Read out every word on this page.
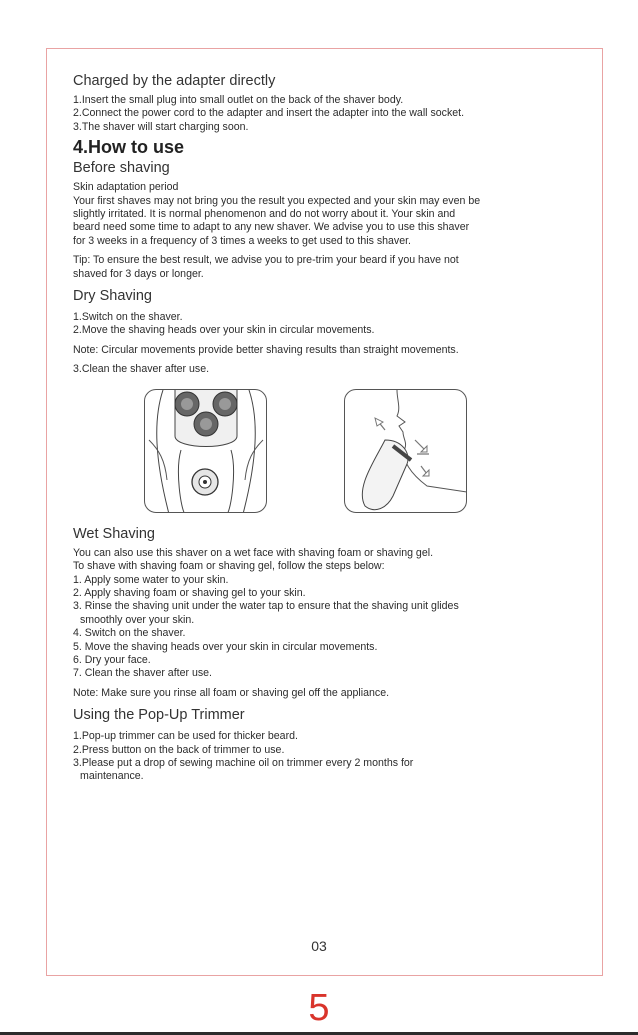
Charged by the adapter directly
1.Insert the small plug into small outlet on the back of the shaver body.
2.Connect the power cord to the adapter and insert the adapter into the wall socket.
3.The shaver will start charging soon.
4.How to use
Before shaving
Skin adaptation period
Your first shaves may not bring you the result you expected and your skin may even be
slightly irritated. It is normal phenomenon and do not worry about it. Your skin and
beard need some time to adapt to any new shaver. We advise you to use this shaver
for 3 weeks in a frequency of 3 times a weeks to get used to this shaver.
Tip: To ensure the best result, we advise you to pre-trim your beard if you have not
shaved for 3 days or longer.
Dry Shaving
1.Switch on the shaver.
2.Move the shaving heads over your skin in circular movements.
Note: Circular movements provide better shaving results than straight movements.
3.Clean the shaver after use.
Wet Shaving
You can also use this shaver on a wet face with shaving foam or shaving gel.
To shave with shaving foam or shaving gel, follow the steps below:
1. Apply some water to your skin.
2. Apply shaving foam or shaving gel to your skin.
3. Rinse the shaving unit under the water tap to ensure that the shaving unit glides
smoothly over your skin.
4. Switch on the shaver.
5. Move the shaving heads over your skin in circular movements.
6. Dry your face.
7. Clean the shaver after use.
Note: Make sure you rinse all foam or shaving gel off the appliance.
Using the Pop-Up Trimmer
1.Pop-up trimmer can be used for thicker beard.
2.Press button on the back of trimmer to use.
3.Please put a drop of sewing machine oil on trimmer every 2 months for
maintenance.
03
5
